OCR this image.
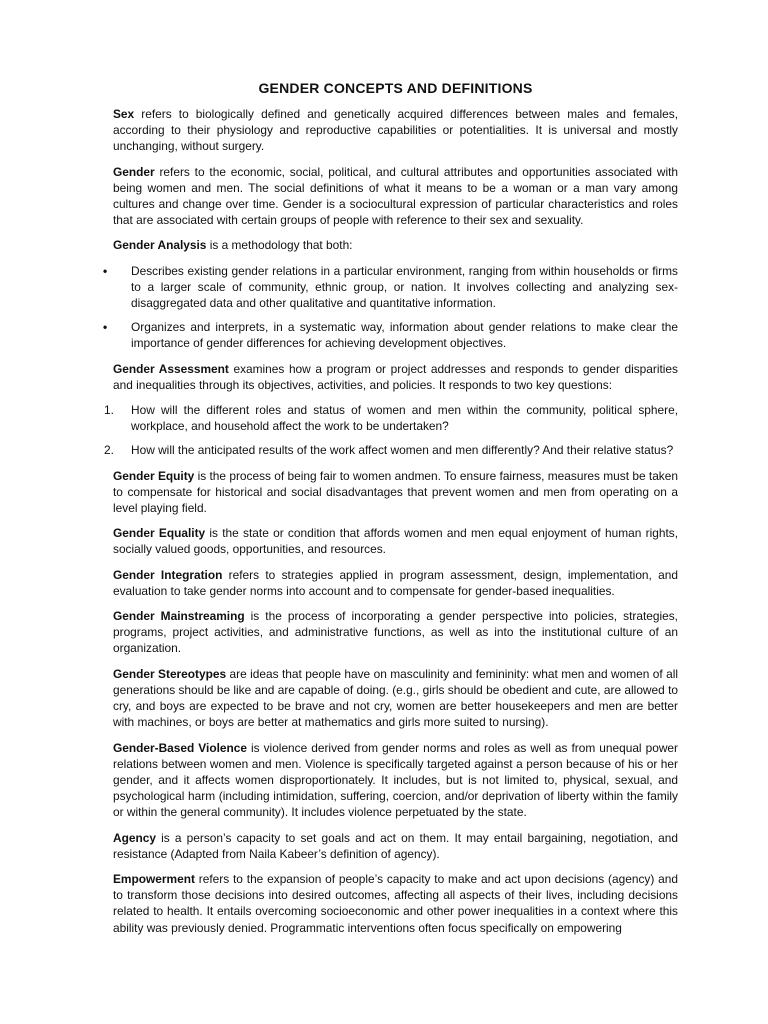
GENDER CONCEPTS AND DEFINITIONS

Sex refers to biologically defined and genetically acquired differences between males and females, according to their physiology and reproductive capabilities or potentialities. It is universal and mostly unchanging, without surgery.

Gender refers to the economic, social, political, and cultural attributes and opportunities associated with being women and men. The social definitions of what it means to be a woman or a man vary among cultures and change over time. Gender is a sociocultural expression of particular characteristics and roles that are associated with certain groups of people with reference to their sex and sexuality.

Gender Analysis is a methodology that both:

• Describes existing gender relations in a particular environment, ranging from within households or firms to a larger scale of community, ethnic group, or nation. It involves collecting and analyzing sex-disaggregated data and other qualitative and quantitative information.
• Organizes and interprets, in a systematic way, information about gender relations to make clear the importance of gender differences for achieving development objectives.

Gender Assessment examines how a program or project addresses and responds to gender disparities and inequalities through its objectives, activities, and policies. It responds to two key questions:

1. How will the different roles and status of women and men within the community, political sphere, workplace, and household affect the work to be undertaken?
2. How will the anticipated results of the work affect women and men differently? And their relative status?

Gender Equity is the process of being fair to women andmen. To ensure fairness, measures must be taken to compensate for historical and social disadvantages that prevent women and men from operating on a level playing field.

Gender Equality is the state or condition that affords women and men equal enjoyment of human rights, socially valued goods, opportunities, and resources.

Gender Integration refers to strategies applied in program assessment, design, implementation, and evaluation to take gender norms into account and to compensate for gender-based inequalities.

Gender Mainstreaming is the process of incorporating a gender perspective into policies, strategies, programs, project activities, and administrative functions, as well as into the institutional culture of an organization.

Gender Stereotypes are ideas that people have on masculinity and femininity: what men and women of all generations should be like and are capable of doing. (e.g., girls should be obedient and cute, are allowed to cry, and boys are expected to be brave and not cry, women are better housekeepers and men are better with machines, or boys are better at mathematics and girls more suited to nursing).

Gender-Based Violence is violence derived from gender norms and roles as well as from unequal power relations between women and men. Violence is specifically targeted against a person because of his or her gender, and it affects women disproportionately. It includes, but is not limited to, physical, sexual, and psychological harm (including intimidation, suffering, coercion, and/or deprivation of liberty within the family or within the general community). It includes violence perpetuated by the state.

Agency is a person’s capacity to set goals and act on them. It may entail bargaining, negotiation, and resistance (Adapted from Naila Kabeer’s definition of agency).

Empowerment refers to the expansion of people’s capacity to make and act upon decisions (agency) and to transform those decisions into desired outcomes, affecting all aspects of their lives, including decisions related to health. It entails overcoming socioeconomic and other power inequalities in a context where this ability was previously denied. Programmatic interventions often focus specifically on empowering
